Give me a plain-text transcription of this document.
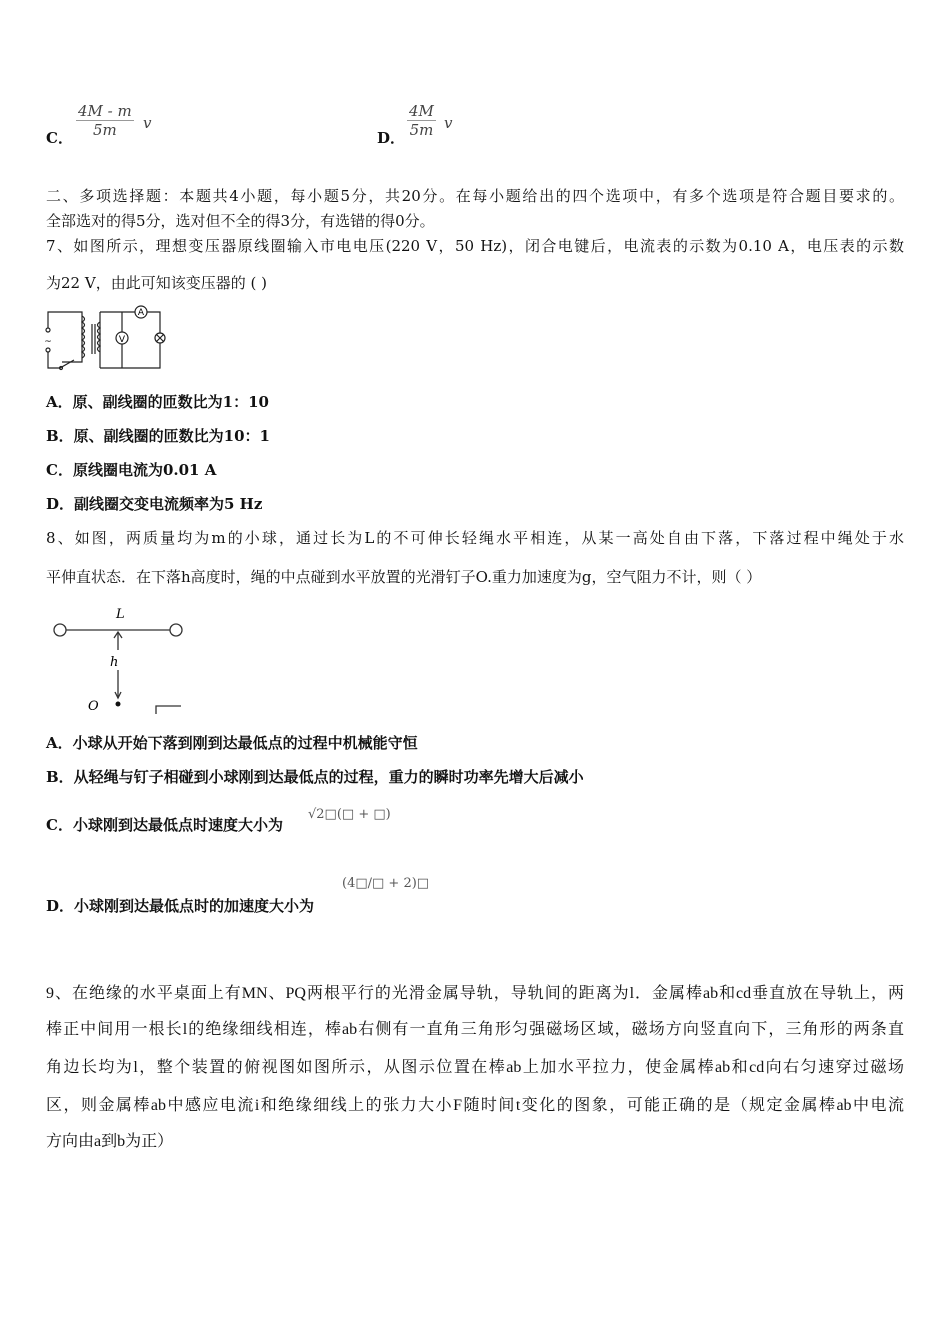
C． $\frac{4M - m}{5m}$ v
D． $\frac{4M}{5m}$ v
二、多项选择题：本题共4小题，每小题5分，共20分。在每小题给出的四个选项中，有多个选项是符合题目要求的。
全部选对的得5分，选对但不全的得3分，有选错的得0分。
7、如图所示，理想变压器原线圈输入市电电压(220 V，50 Hz)，闭合电键后，电流表的示数为0.10 A，电压表的示数
为22 V，由此可知该变压器的 ( )
V
A
~
A．原、副线圈的匝数比为1：10
B．原、副线圈的匝数比为10：1
C．原线圈电流为0.01 A
D．副线圈交变电流频率为5 Hz
8、如图，两质量均为m的小球，通过长为L的不可伸长轻绳水平相连，从某一高处自由下落，下落过程中绳处于水
平伸直状态．在下落h高度时，绳的中点碰到水平放置的光滑钉子O.重力加速度为g，空气阻力不计，则（ ）
L
h
O
A．小球从开始下落到刚到达最低点的过程中机械能守恒
B．从轻绳与钉子相碰到小球刚到达最低点的过程，重力的瞬时功率先增大后减小
C．小球刚到达最低点时速度大小为
√2□(□ + □)
D．小球刚到达最低点时的加速度大小为
(4□/□ + 2)□
9、在绝缘的水平桌面上有MN、PQ两根平行的光滑金属导轨，导轨间的距离为l．金属棒ab和cd垂直放在导轨上，两
棒正中间用一根长l的绝缘细线相连，棒ab右侧有一直角三角形匀强磁场区域，磁场方向竖直向下，三角形的两条直
角边长均为l，整个装置的俯视图如图所示，从图示位置在棒ab上加水平拉力，使金属棒ab和cd向右匀速穿过磁场
区，则金属棒ab中感应电流i和绝缘细线上的张力大小F随时间t变化的图象，可能正确的是（规定金属棒ab中电流
方向由a到b为正）
